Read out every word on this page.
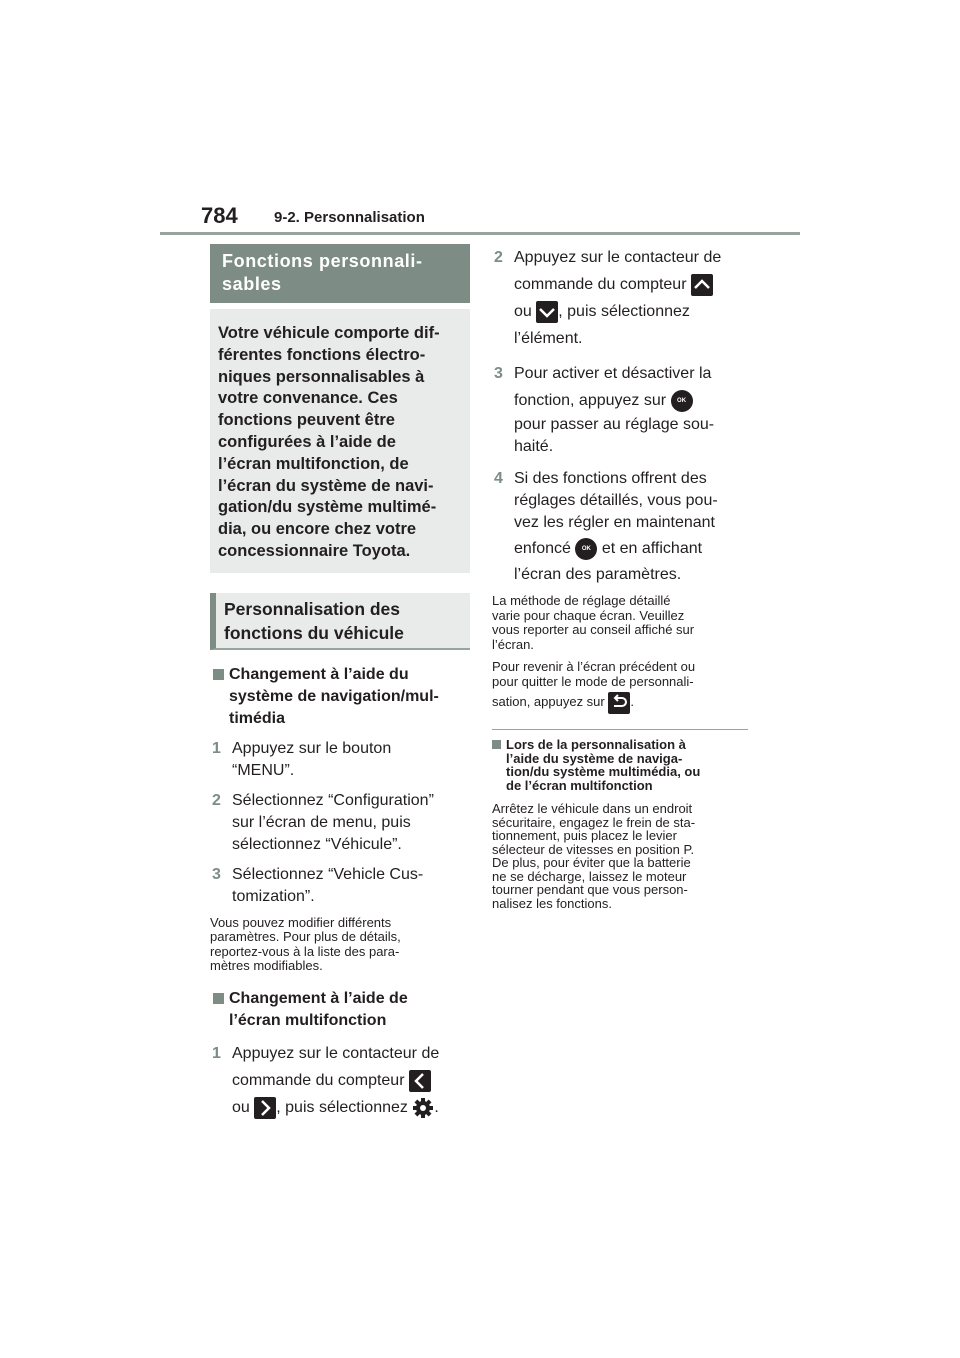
784 9-2. Personnalisation
Fonctions personnali-
sables
Votre véhicule comporte dif-
férentes fonctions électro-
niques personnalisables à
votre convenance. Ces
fonctions peuvent être
configurées à l’aide de
l’écran multifonction, de
l’écran du système de navi-
gation/du système multimé-
dia, ou encore chez votre
concessionnaire Toyota.
Personnalisation des
fonctions du véhicule
Changement à l’aide du
système de navigation/mul-
timédia
1 Appuyez sur le bouton
“MENU”.
2 Sélectionnez “Configuration”
sur l’écran de menu, puis
sélectionnez “Véhicule”.
3 Sélectionnez “Vehicle Cus-
tomization”.
Vous pouvez modifier différents
paramètres. Pour plus de détails,
reportez-vous à la liste des para-
mètres modifiables.
Changement à l’aide de
l’écran multifonction
1 Appuyez sur le contacteur de
commande du compteur

ou , puis sélectionnez .
2 Appuyez sur le contacteur de
commande du compteur

ou , puis sélectionnez
l’élément.
3 Pour activer et désactiver la
fonction, appuyez sur OK
pour passer au réglage sou-
haité.
4 Si des fonctions offrent des
réglages détaillés, vous pou-
vez les régler en maintenant
enfoncé OK et en affichant
l’écran des paramètres.
La méthode de réglage détaillé
varie pour chaque écran. Veuillez
vous reporter au conseil affiché sur
l’écran.
Pour revenir à l’écran précédent ou
pour quitter le mode de personnali-
sation, appuyez sur .
Lors de la personnalisation à
l’aide du système de naviga-
tion/du système multimédia, ou
de l’écran multifonction
Arrêtez le véhicule dans un endroit
sécuritaire, engagez le frein de sta-
tionnement, puis placez le levier
sélecteur de vitesses en position P.
De plus, pour éviter que la batterie
ne se décharge, laissez le moteur
tourner pendant que vous person-
nalisez les fonctions.
